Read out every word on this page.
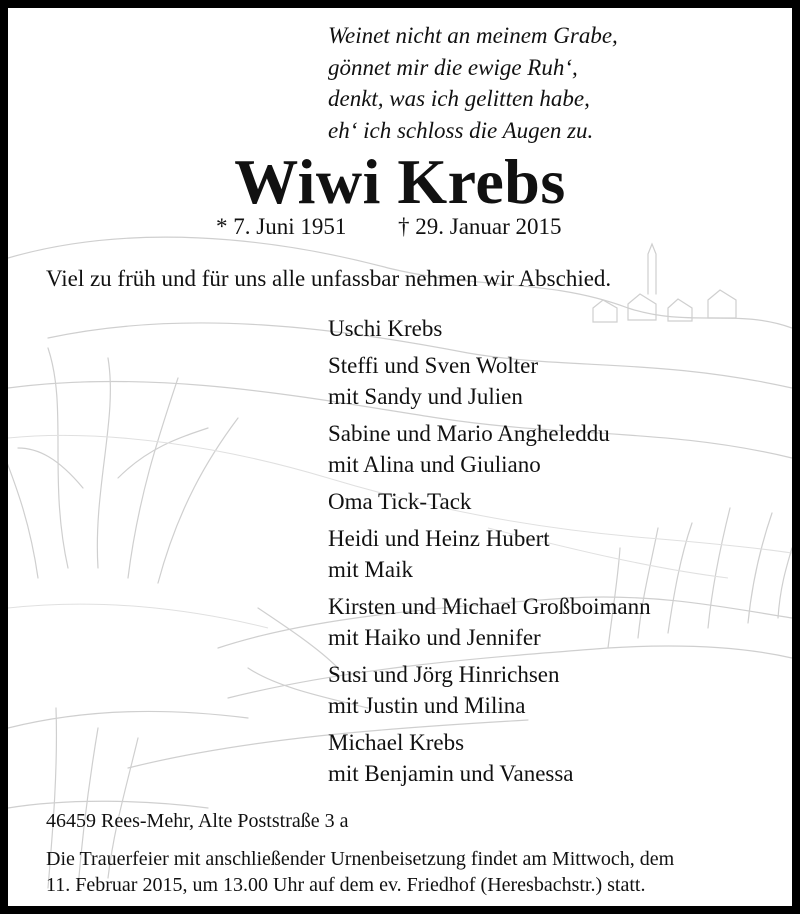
Weinet nicht an meinem Grabe,
gönnet mir die ewige Ruh‘,
denkt, was ich gelitten habe,
eh‘ ich schloss die Augen zu.
Wiwi Krebs
* 7. Juni 1951 † 29. Januar 2015

Viel zu früh und für uns alle unfassbar nehmen wir Abschied.

Uschi Krebs
Steffi und Sven Wolter
mit Sandy und Julien
Sabine und Mario Angheleddu
mit Alina und Giuliano
Oma Tick-Tack
Heidi und Heinz Hubert
mit Maik
Kirsten und Michael Großboimann
mit Haiko und Jennifer
Susi und Jörg Hinrichsen
mit Justin und Milina
Michael Krebs
mit Benjamin und Vanessa

46459 Rees-Mehr, Alte Poststraße 3 a

Die Trauerfeier mit anschließender Urnenbeisetzung findet am Mittwoch, dem
11. Februar 2015, um 13.00 Uhr auf dem ev. Friedhof (Heresbachstr.) statt.
